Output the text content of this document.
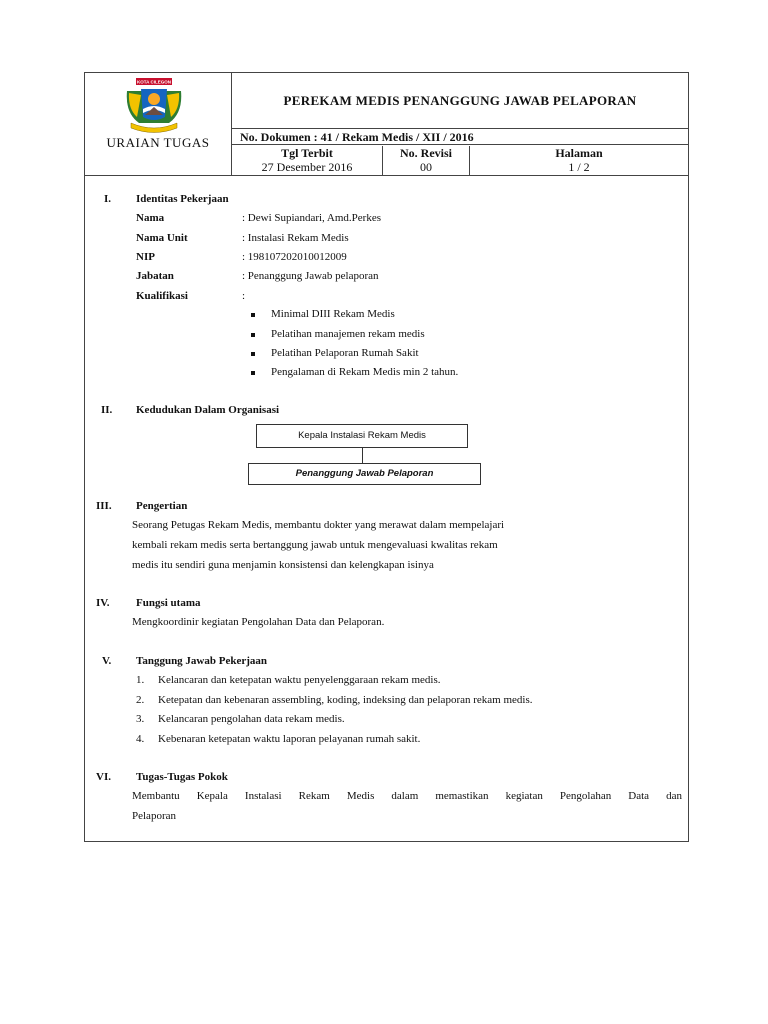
KOTA CILEGON
URAIAN TUGAS
PEREKAM MEDIS PENANGGUNG JAWAB PELAPORAN
No. Dokumen : 41 / Rekam Medis / XII / 2016
Tgl Terbit
27 Desember 2016
No. Revisi
00
Halaman
1 / 2
I. Identitas Pekerjaan
Nama	: Dewi Supiandari, Amd.Perkes
Nama Unit	: Instalasi Rekam Medis
NIP	: 198107202010012009
Jabatan	: Penanggung Jawab pelaporan
Kualifikasi	:
Minimal DIII Rekam Medis
Pelatihan manajemen rekam medis
Pelatihan Pelaporan Rumah Sakit
Pengalaman di Rekam Medis min 2 tahun.
II. Kedudukan Dalam Organisasi
Kepala Instalasi Rekam Medis
Penanggung Jawab Pelaporan
III. Pengertian
Seorang Petugas Rekam Medis, membantu dokter yang merawat dalam mempelajari
kembali rekam medis serta bertanggung jawab untuk mengevaluasi kwalitas rekam
medis itu sendiri guna menjamin konsistensi dan kelengkapan isinya
IV. Fungsi utama
Mengkoordinir kegiatan Pengolahan Data dan Pelaporan.
V. Tanggung Jawab Pekerjaan
1. Kelancaran dan ketepatan waktu penyelenggaraan rekam medis.
2. Ketepatan dan kebenaran assembling, koding, indeksing dan pelaporan rekam medis.
3. Kelancaran pengolahan data rekam medis.
4. Kebenaran ketepatan waktu laporan pelayanan rumah sakit.
VI. Tugas-Tugas Pokok
Membantu Kepala Instalasi Rekam Medis dalam memastikan kegiatan Pengolahan Data dan
Pelaporan
